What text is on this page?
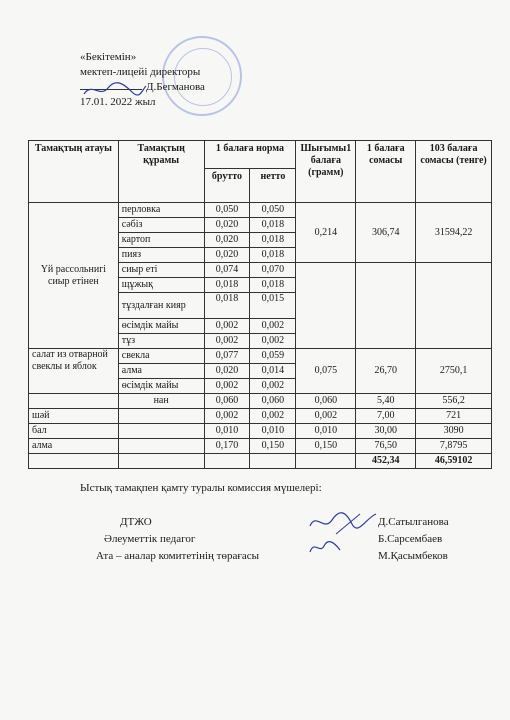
«Бекітемін»
мектеп-лицейі директоры
Д.Бегманова
17.01. 2022 жыл
Тамақтың атауы	Тамақтың құрамы	1 балаға норма		Шығымы1 балаға (грамм)	1 балаға сомасы	103 балаға сомасы (тенге)
		брутто	нетто			
Үй рассольнигі сиыр етінен	перловка	0,050	0,050	0,214	306,74	31594,22
	сәбіз	0,020	0,018			
	картоп	0,020	0,018			
	пияз	0,020	0,018			
	сиыр еті	0,074	0,070			
	щұжық	0,018	0,018			
	тұздалған кияр	0,018	0,015			
	өсімдік майы	0,002	0,002			
	тұз	0,002	0,002			
салат из отварной свеклы и яблок	свекла	0,077	0,059	0,075	26,70	2750,1
	алма	0,020	0,014			
	өсімдік майы	0,002	0,002			
	нан	0,060	0,060	0,060	5,40	556,2
шәй		0,002	0,002	0,002	7,00	721
бал		0,010	0,010	0,010	30,00	3090
алма		0,170	0,150	0,150	76,50	7,8795
					452,34	46,59102
Ыстық тамақпен қамту туралы комиссия мүшелері:
ДТЖО	Д.Сатылганова
Әлеуметтік педагог	Б.Сарсембаев
Ата – аналар комитетінің төрағасы	М.Қасымбеков
